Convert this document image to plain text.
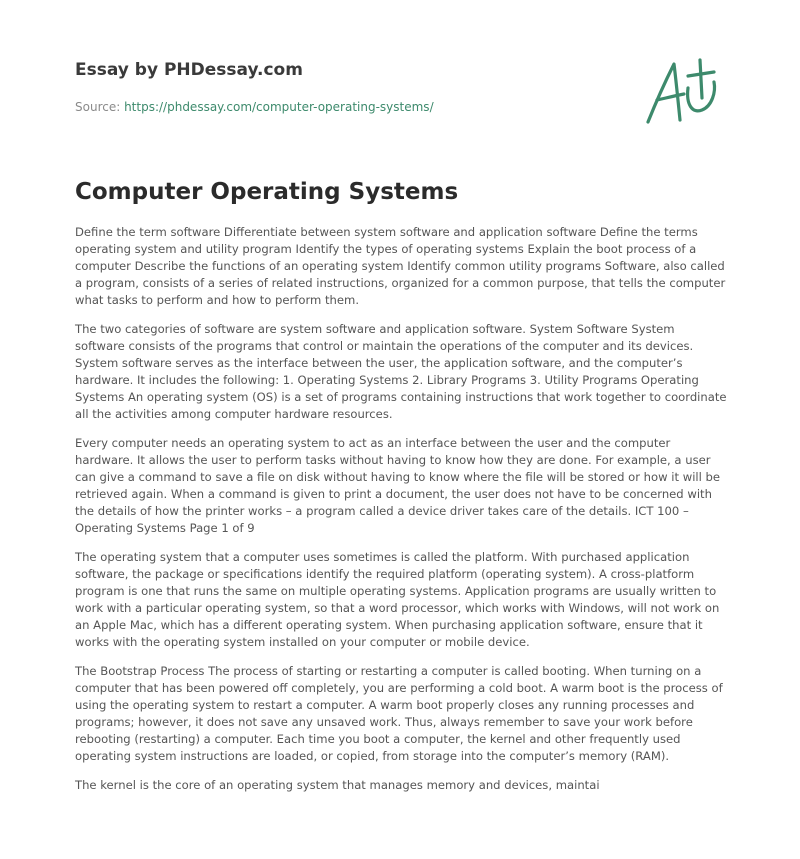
Essay by PHDessay.com
Source: https://phdessay.com/computer-operating-systems/
Computer Operating Systems

Define the term software Differentiate between system software and application software Define the terms operating system and utility program Identify the types of operating systems Explain the boot process of a computer Describe the functions of an operating system Identify common utility programs Software, also called a program, consists of a series of related instructions, organized for a common purpose, that tells the computer what tasks to perform and how to perform them.

The two categories of software are system software and application software. System Software System software consists of the programs that control or maintain the operations of the computer and its devices. System software serves as the interface between the user, the application software, and the computer’s hardware. It includes the following: 1. Operating Systems 2. Library Programs 3. Utility Programs Operating Systems An operating system (OS) is a set of programs containing instructions that work together to coordinate all the activities among computer hardware resources.

Every computer needs an operating system to act as an interface between the user and the computer hardware. It allows the user to perform tasks without having to know how they are done. For example, a user can give a command to save a file on disk without having to know where the file will be stored or how it will be retrieved again. When a command is given to print a document, the user does not have to be concerned with the details of how the printer works – a program called a device driver takes care of the details. ICT 100 – Operating Systems Page 1 of 9

The operating system that a computer uses sometimes is called the platform. With purchased application software, the package or specifications identify the required platform (operating system). A cross-platform program is one that runs the same on multiple operating systems. Application programs are usually written to work with a particular operating system, so that a word processor, which works with Windows, will not work on an Apple Mac, which has a different operating system. When purchasing application software, ensure that it works with the operating system installed on your computer or mobile device.

The Bootstrap Process The process of starting or restarting a computer is called booting. When turning on a computer that has been powered off completely, you are performing a cold boot. A warm boot is the process of using the operating system to restart a computer. A warm boot properly closes any running processes and programs; however, it does not save any unsaved work. Thus, always remember to save your work before rebooting (restarting) a computer. Each time you boot a computer, the kernel and other frequently used operating system instructions are loaded, or copied, from storage into the computer’s memory (RAM).

The kernel is the core of an operating system that manages memory and devices, maintai
